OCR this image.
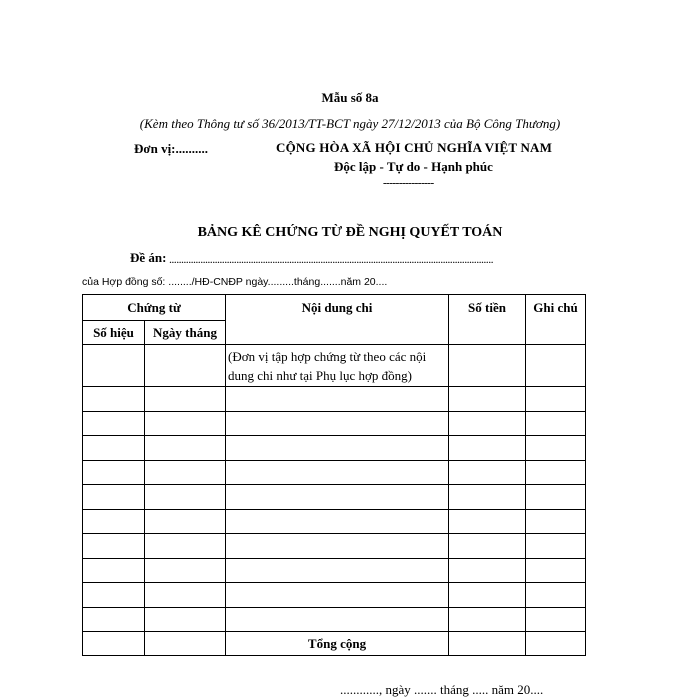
Mẫu số 8a
(Kèm theo Thông tư số 36/2013/TT-BCT ngày 27/12/2013 của Bộ Công Thương)
Đơn vị:..........	CỘNG HÒA XÃ HỘI CHỦ NGHĨA VIỆT NAM
Độc lập - Tự do - Hạnh phúc
----------------
BẢNG KÊ CHỨNG TỪ ĐỀ NGHỊ QUYẾT TOÁN
Đề án: .......................................................................................................................................
của Hợp đồng số: ......../HĐ-CNĐP ngày.........tháng.......năm 20....
Chứng từ		Nội dung chi	Số tiền	Ghi chú
Số hiệu	Ngày tháng			
		(Đơn vị tập hợp chứng từ theo các nội dung chi như tại Phụ lục hợp đồng)		

		Tổng cộng		
............, ngày ....... tháng ..... năm 20....
